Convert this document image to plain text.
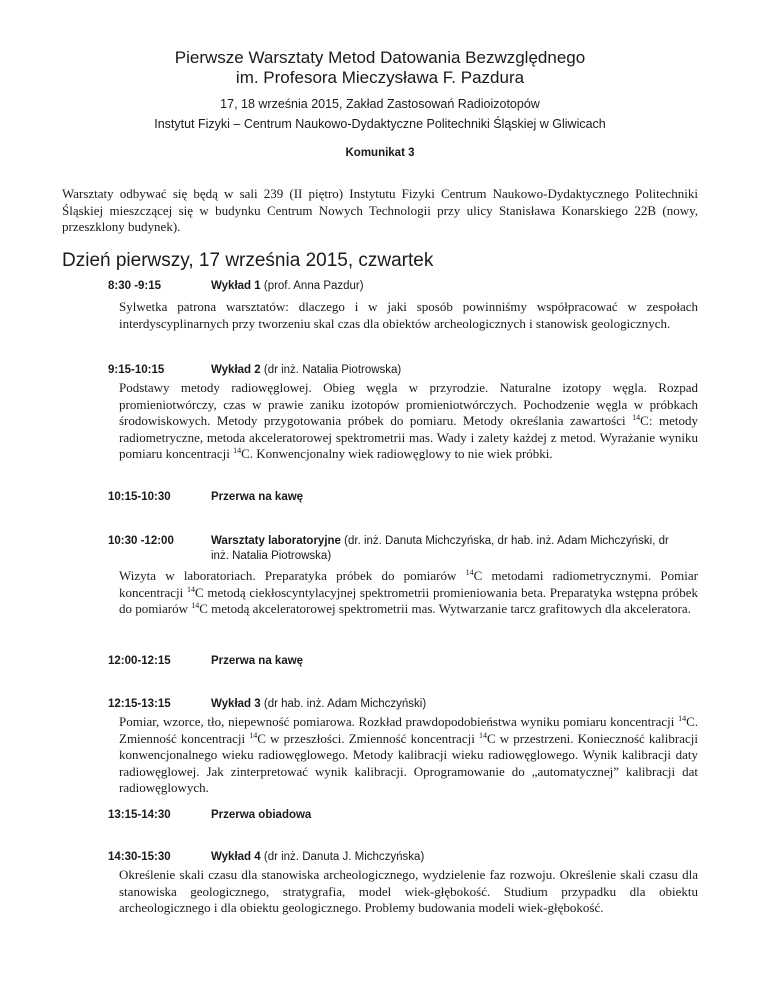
Pierwsze Warsztaty Metod Datowania Bezwzględnego
im. Profesora Mieczysława F. Pazdura
17, 18 września 2015, Zakład Zastosowań Radioizotopów
Instytut Fizyki – Centrum Naukowo-Dydaktyczne Politechniki Śląskiej w Gliwicach
Komunikat 3

Warsztaty odbywać się będą w sali 239 (II piętro) Instytutu Fizyki Centrum Naukowo-Dydaktycznego Politechniki Śląskiej mieszczącej się w budynku Centrum Nowych Technologii przy ulicy Stanisława Konarskiego 22B (nowy, przeszklony budynek).

Dzień pierwszy, 17 września 2015, czwartek
8:30 -9:15	Wykład 1 (prof. Anna Pazdur)

Sylwetka patrona warsztatów: dlaczego i w jaki sposób powinniśmy współpracować w zespołach interdyscyplinarnych przy tworzeniu skal czas dla obiektów archeologicznych i stanowisk geologicznych.

9:15-10:15	Wykład 2 (dr inż. Natalia Piotrowska)

Podstawy metody radiowęglowej. Obieg węgla w przyrodzie. Naturalne izotopy węgla. Rozpad promieniotwórczy, czas w prawie zaniku izotopów promieniotwórczych. Pochodzenie węgla w próbkach środowiskowych. Metody przygotowania próbek do pomiaru. Metody określania zawartości $^{14}$C: metody radiometryczne, metoda akceleratorowej spektrometrii mas. Wady i zalety każdej z metod. Wyrażanie wyniku pomiaru koncentracji $^{14}$C. Konwencjonalny wiek radiowęglowy to nie wiek próbki.

10:15-10:30	Przerwa na kawę
10:30 -12:00	Warsztaty laboratoryjne (dr. inż. Danuta Michczyńska, dr hab. inż. Adam Michczyński, dr inż. Natalia Piotrowska)

Wizyta w laboratoriach. Preparatyka próbek do pomiarów $^{14}$C metodami radiometrycznymi. Pomiar koncentracji $^{14}$C metodą ciekłoscyntylacyjnej spektrometrii promieniowania beta. Preparatyka wstępna próbek do pomiarów $^{14}$C metodą akceleratorowej spektrometrii mas. Wytwarzanie tarcz grafitowych dla akceleratora.

12:00-12:15	Przerwa na kawę
12:15-13:15	Wykład 3 (dr hab. inż. Adam Michczyński)

Pomiar, wzorce, tło, niepewność pomiarowa. Rozkład prawdopodobieństwa wyniku pomiaru koncentracji $^{14}$C. Zmienność koncentracji $^{14}$C w przeszłości. Zmienność koncentracji $^{14}$C w przestrzeni. Konieczność kalibracji konwencjonalnego wieku radiowęglowego. Metody kalibracji wieku radiowęglowego. Wynik kalibracji daty radiowęglowej. Jak zinterpretować wynik kalibracji. Oprogramowanie do „automatycznej” kalibracji dat radiowęglowych.

13:15-14:30	Przerwa obiadowa
14:30-15:30	Wykład 4 (dr inż. Danuta J. Michczyńska)

Określenie skali czasu dla stanowiska archeologicznego, wydzielenie faz rozwoju. Określenie skali czasu dla stanowiska geologicznego, stratygrafia, model wiek-głębokość. Studium przypadku dla obiektu archeologicznego i dla obiektu geologicznego. Problemy budowania modeli wiek-głębokość.
